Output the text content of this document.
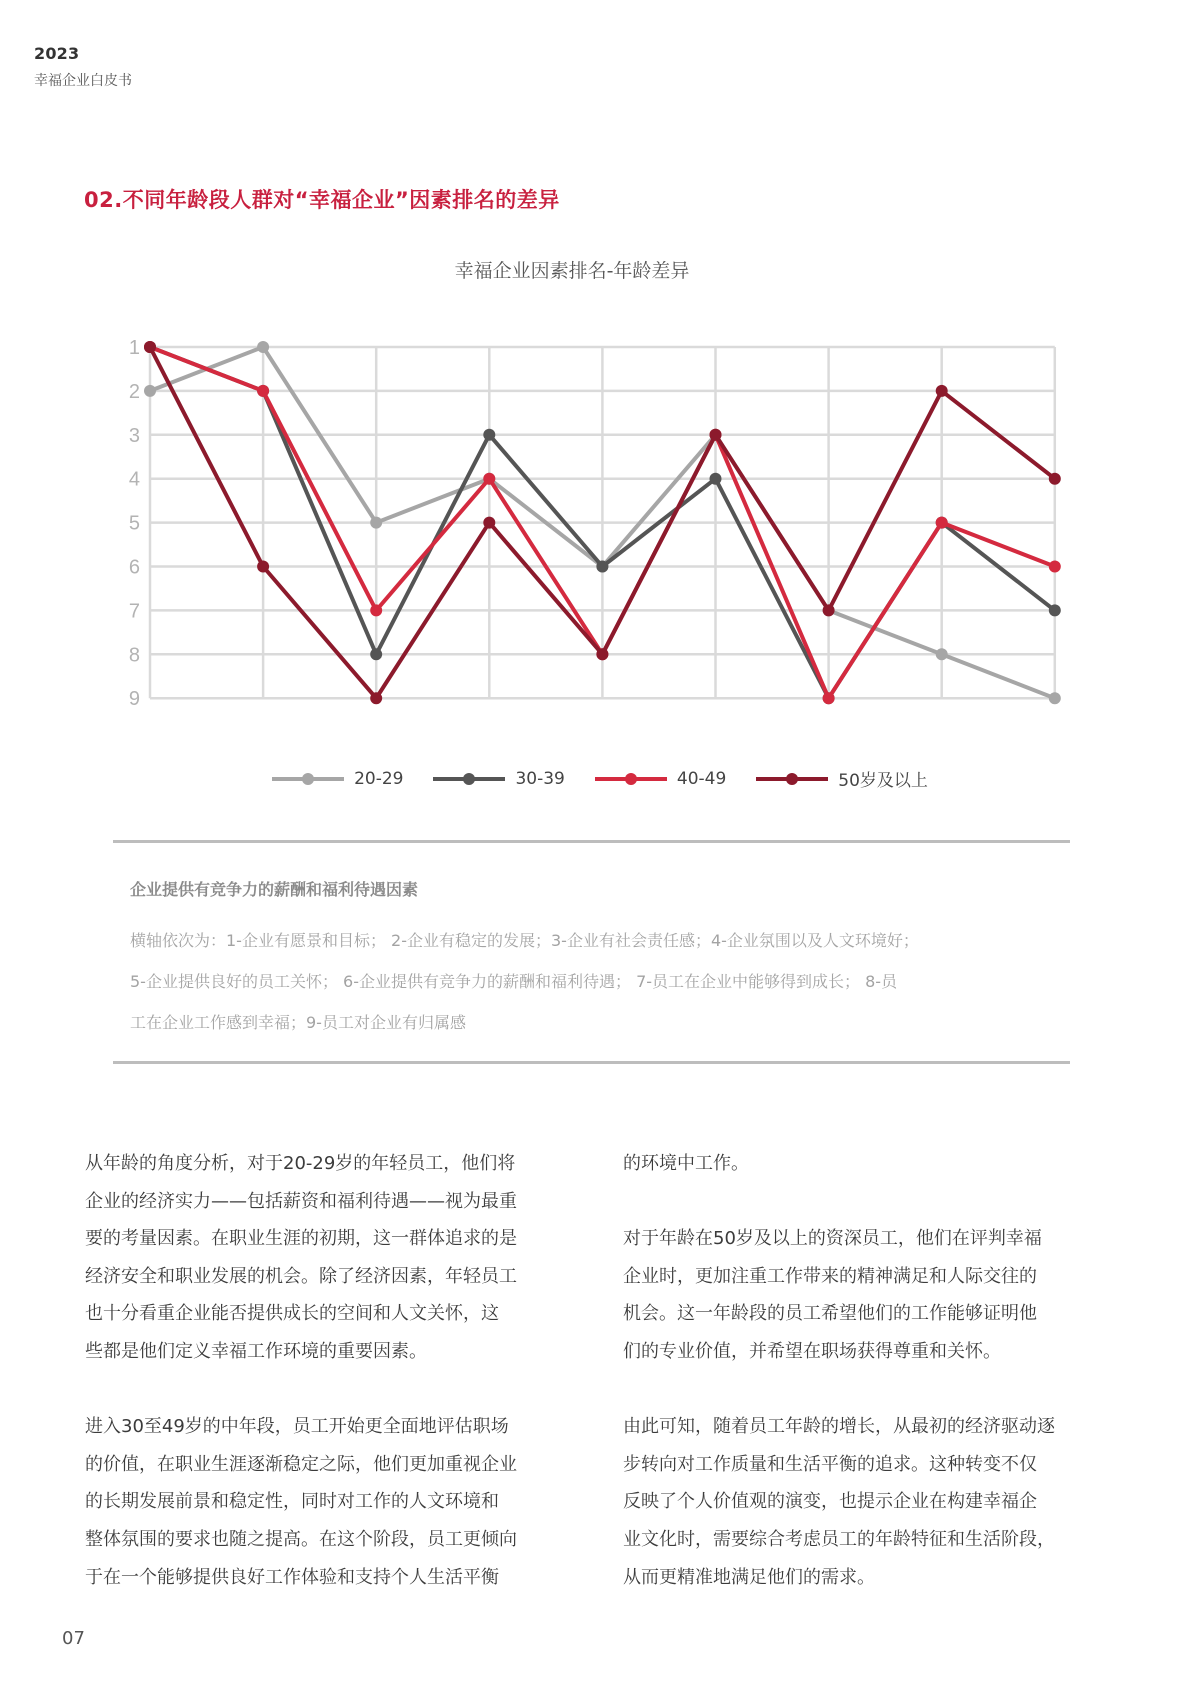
2023
幸福企业白皮书
02.不同年龄段人群对“幸福企业”因素排名的差异
幸福企业因素排名-年龄差异
1
2
3
4
5
6
7
8
9
20-29	30-39	40-49	50岁及以上
企业提供有竞争力的薪酬和福利待遇因素
横轴依次为：1-企业有愿景和目标； 2-企业有稳定的发展；3-企业有社会责任感；4-企业氛围以及人文环境好；
5-企业提供良好的员工关怀； 6-企业提供有竞争力的薪酬和福利待遇； 7-员工在企业中能够得到成长； 8-员
工在企业工作感到幸福；9-员工对企业有归属感

从年龄的角度分析，对于20-29岁的年轻员工，他们将
企业的经济实力——包括薪资和福利待遇——视为最重
要的考量因素。在职业生涯的初期，这一群体追求的是
经济安全和职业发展的机会。除了经济因素，年轻员工
也十分看重企业能否提供成长的空间和人文关怀，这
些都是他们定义幸福工作环境的重要因素。

进入30至49岁的中年段，员工开始更全面地评估职场
的价值，在职业生涯逐渐稳定之际，他们更加重视企业
的长期发展前景和稳定性，同时对工作的人文环境和
整体氛围的要求也随之提高。在这个阶段，员工更倾向
于在一个能够提供良好工作体验和支持个人生活平衡

的环境中工作。

对于年龄在50岁及以上的资深员工，他们在评判幸福
企业时，更加注重工作带来的精神满足和人际交往的
机会。这一年龄段的员工希望他们的工作能够证明他
们的专业价值，并希望在职场获得尊重和关怀。

由此可知，随着员工年龄的增长，从最初的经济驱动逐
步转向对工作质量和生活平衡的追求。这种转变不仅
反映了个人价值观的演变，也提示企业在构建幸福企
业文化时，需要综合考虑员工的年龄特征和生活阶段，
从而更精准地满足他们的需求。

07
